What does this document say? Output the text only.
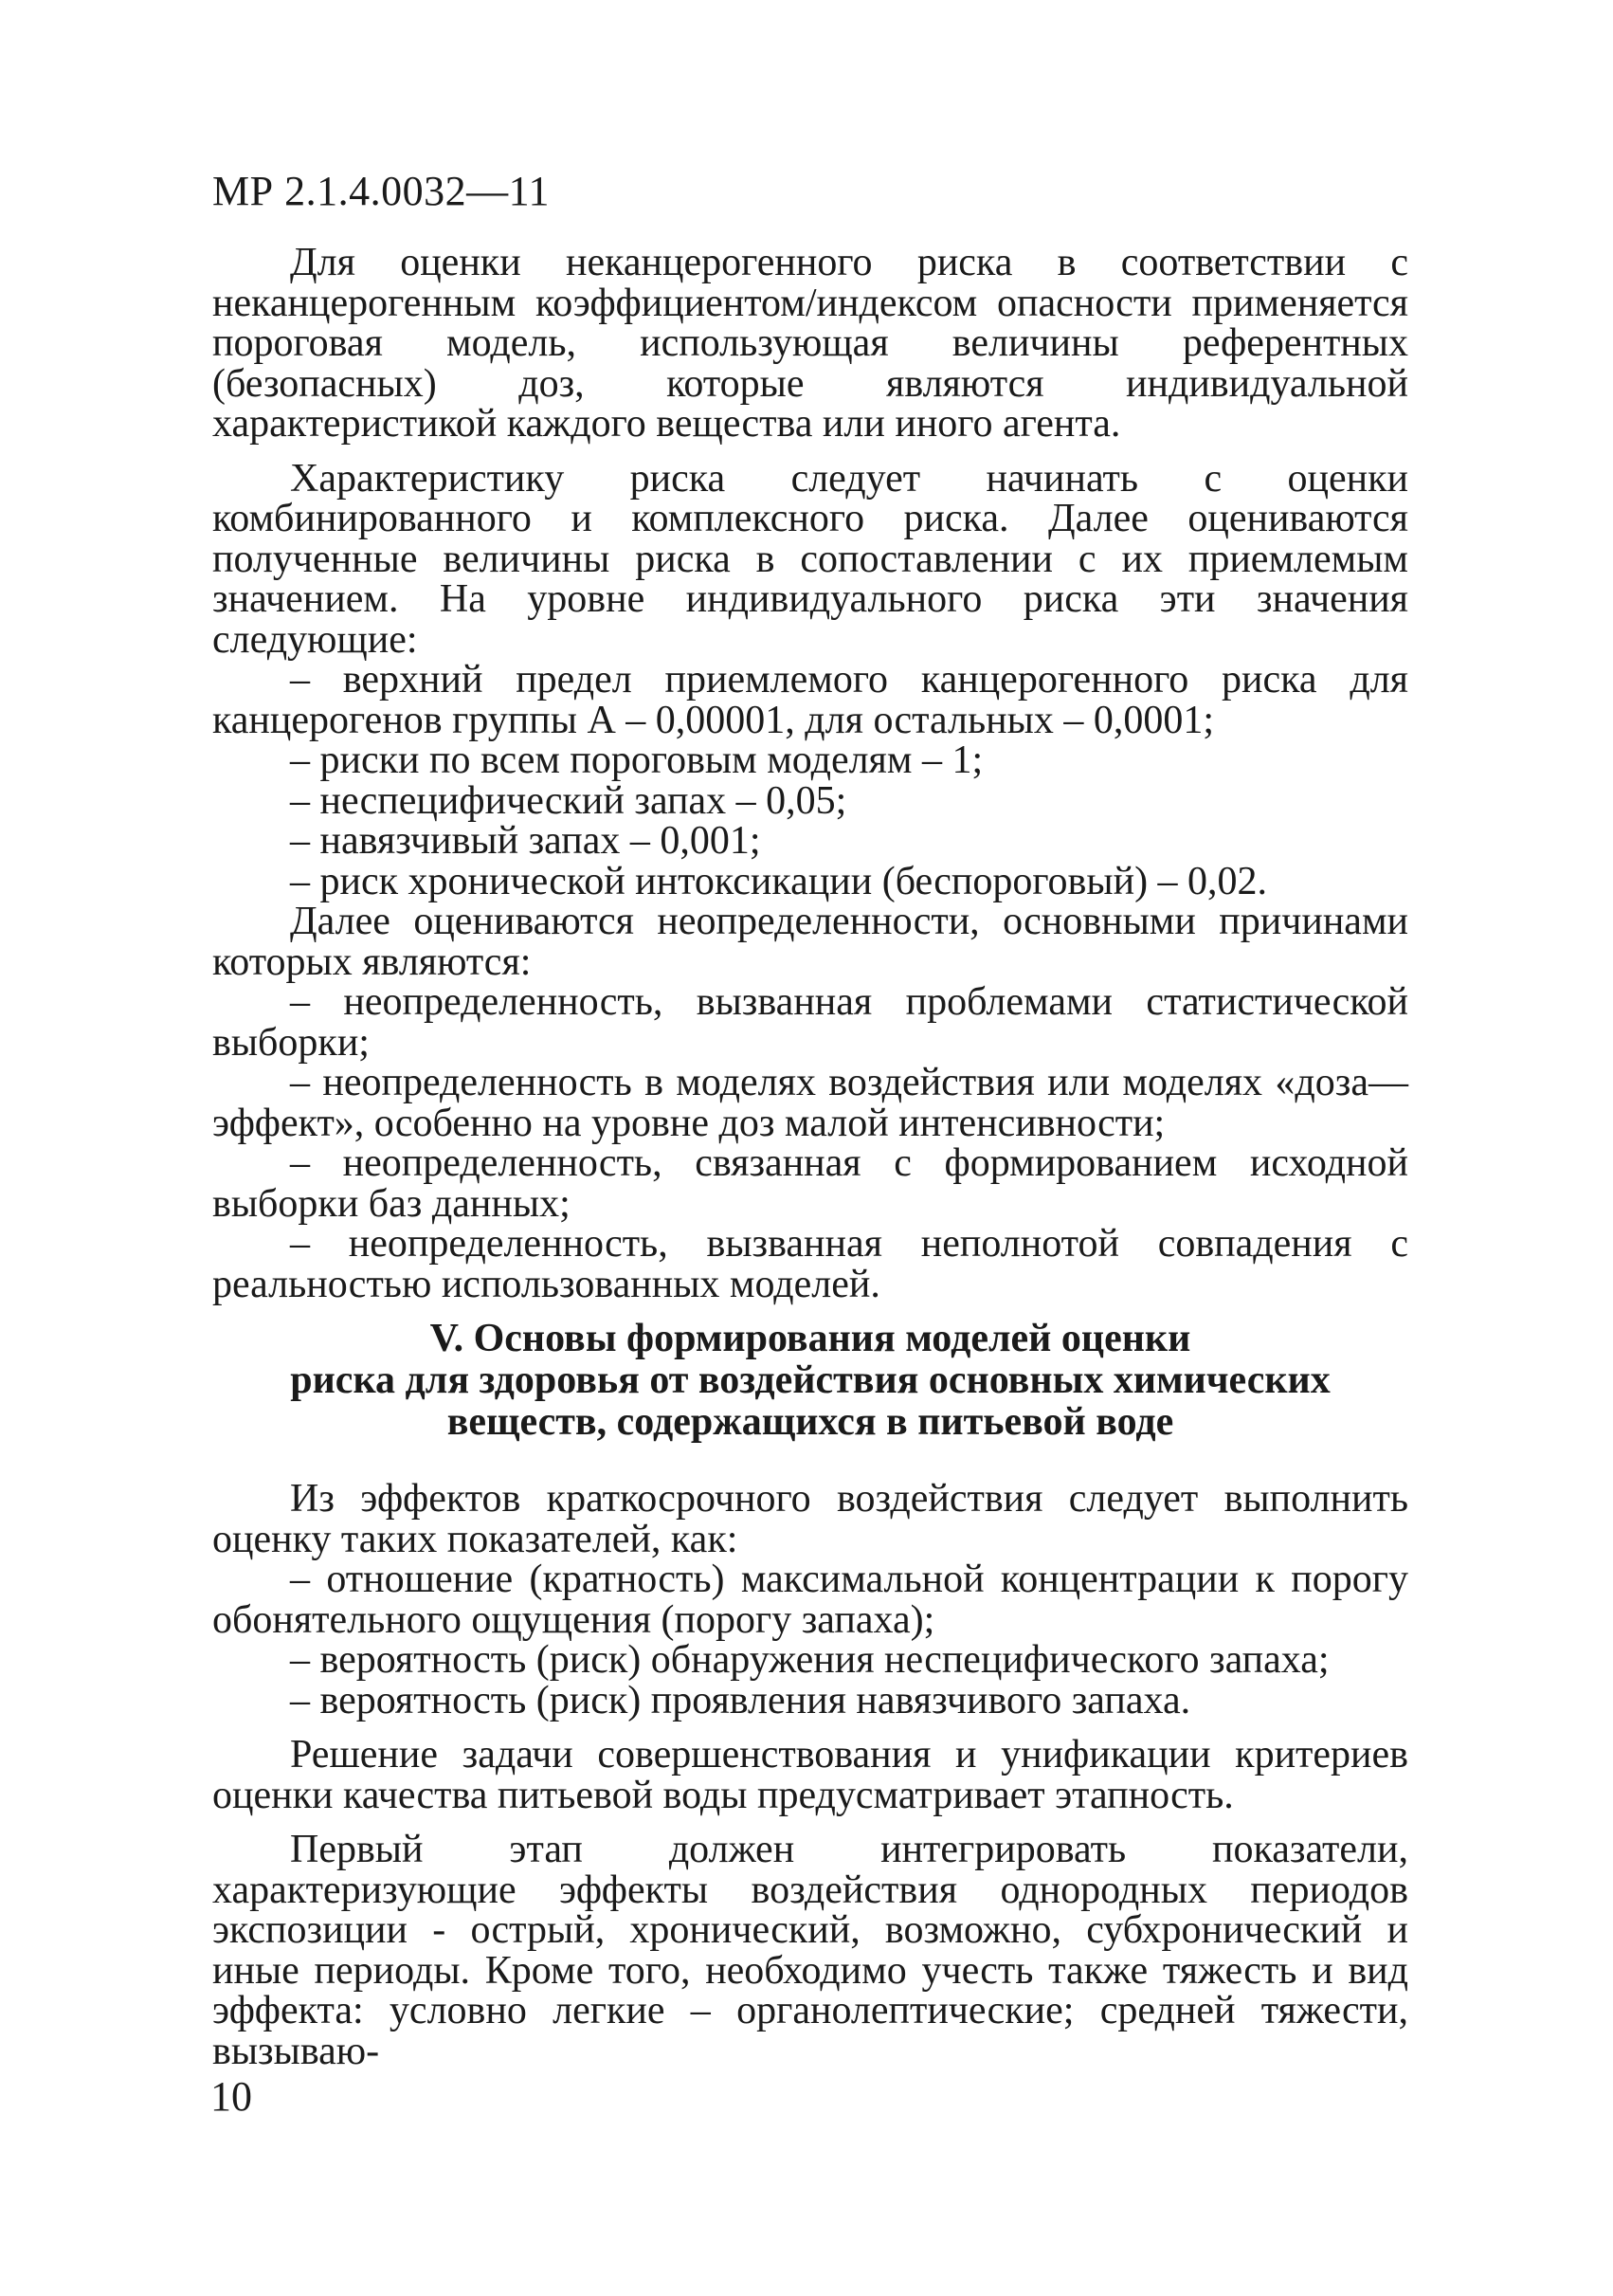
МР 2.1.4.0032—11

Для оценки неканцерогенного риска в соответствии с неканцерогенным коэффициентом/индексом опасности применяется пороговая модель, использующая величины референтных (безопасных) доз, которые являются индивидуальной характеристикой каждого вещества или иного агента.

Характеристику риска следует начинать с оценки комбинированного и комплексного риска. Далее оцениваются полученные величины риска в сопоставлении с их приемлемым значением. На уровне индивидуального риска эти значения следующие:

– верхний предел приемлемого канцерогенного риска для канцерогенов группы А – 0,00001, для остальных – 0,0001;

– риски по всем пороговым моделям – 1;

– неспецифический запах – 0,05;

– навязчивый запах – 0,001;

– риск хронической интоксикации (беспороговый) – 0,02.

Далее оцениваются неопределенности, основными причинами которых являются:

– неопределенность, вызванная проблемами статистической выборки;

– неопределенность в моделях воздействия или моделях «доза—эффект», особенно на уровне доз малой интенсивности;

– неопределенность, связанная с формированием исходной выборки баз данных;

– неопределенность, вызванная неполнотой совпадения с реальностью использованных моделей.

V. Основы формирования моделей оценки
риска для здоровья от воздействия основных химических
веществ, содержащихся в питьевой воде

Из эффектов краткосрочного воздействия следует выполнить оценку таких показателей, как:

– отношение (кратность) максимальной концентрации к порогу обонятельного ощущения (порогу запаха);

– вероятность (риск) обнаружения неспецифического запаха;

– вероятность (риск) проявления навязчивого запаха.

Решение задачи совершенствования и унификации критериев оценки качества питьевой воды предусматривает этапность.

Первый этап должен интегрировать показатели, характеризующие эффекты воздействия однородных периодов экспозиции - острый, хронический, возможно, субхронический и иные периоды. Кроме того, необходимо учесть также тяжесть и вид эффекта: условно легкие – органолептические; средней тяжести, вызываю-

10
